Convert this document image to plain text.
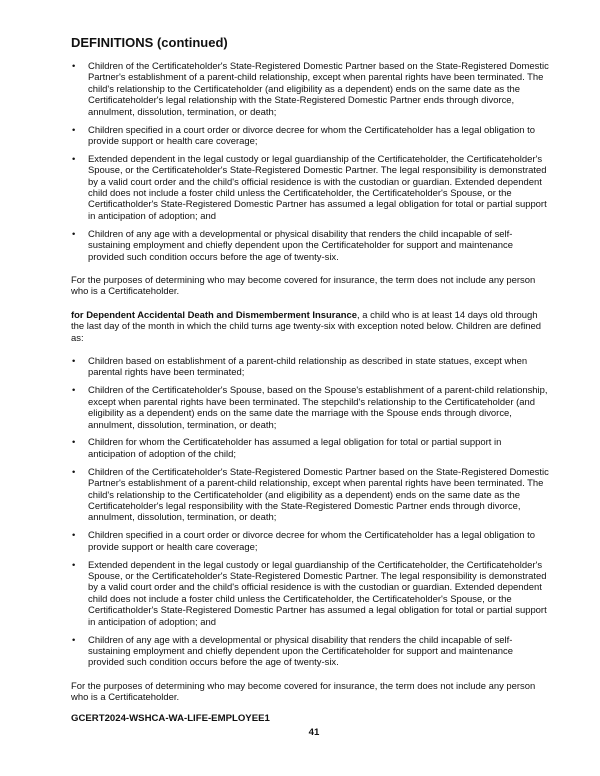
DEFINITIONS (continued)
• Children of the Certificateholder's State-Registered Domestic Partner based on the State-Registered Domestic Partner's establishment of a parent-child relationship, except when parental rights have been terminated. The child's relationship to the Certificateholder (and eligibility as a dependent) ends on the same date as the Certificateholder's legal relationship with the State-Registered Domestic Partner ends through divorce, annulment, dissolution, termination, or death;
• Children specified in a court order or divorce decree for whom the Certificateholder has a legal obligation to provide support or health care coverage;
• Extended dependent in the legal custody or legal guardianship of the Certificateholder, the Certificateholder's Spouse, or the Certificateholder's State-Registered Domestic Partner. The legal responsibility is demonstrated by a valid court order and the child's official residence is with the custodian or guardian. Extended dependent child does not include a foster child unless the Certificateholder, the Certificateholder's Spouse, or the Certificatholder's State-Registered Domestic Partner has assumed a legal obligation for total or partial support in anticipation of adoption; and
• Children of any age with a developmental or physical disability that renders the child incapable of self-sustaining employment and chiefly dependent upon the Certificateholder for support and maintenance provided such condition occurs before the age of twenty-six.

For the purposes of determining who may become covered for insurance, the term does not include any person who is a Certificateholder.

for Dependent Accidental Death and Dismemberment Insurance, a child who is at least 14 days old through the last day of the month in which the child turns age twenty-six with exception noted below. Children are defined as:

• Children based on establishment of a parent-child relationship as described in state statues, except when parental rights have been terminated;
• Children of the Certificateholder's Spouse, based on the Spouse's establishment of a parent-child relationship, except when parental rights have been terminated. The stepchild's relationship to the Certificateholder (and eligibility as a dependent) ends on the same date the marriage with the Spouse ends through divorce, annulment, dissolution, termination, or death;
• Children for whom the Certificateholder has assumed a legal obligation for total or partial support in anticipation of adoption of the child;
• Children of the Certificateholder's State-Registered Domestic Partner based on the State-Registered Domestic Partner's establishment of a parent-child relationship, except when parental rights have been terminated. The child's relationship to the Certificateholder (and eligibility as a dependent) ends on the same date as the Certificateholder's legal responsibility with the State-Registered Domestic Partner ends through divorce, annulment, dissolution, termination, or death;
• Children specified in a court order or divorce decree for whom the Certificateholder has a legal obligation to provide support or health care coverage;
• Extended dependent in the legal custody or legal guardianship of the Certificateholder, the Certificateholder's Spouse, or the Certificateholder's State-Registered Domestic Partner. The legal responsibility is demonstrated by a valid court order and the child's official residence is with the custodian or guardian. Extended dependent child does not include a foster child unless the Certificateholder, the Certificateholder's Spouse, or the Certificatholder's State-Registered Domestic Partner has assumed a legal obligation for total or partial support in anticipation of adoption; and
• Children of any age with a developmental or physical disability that renders the child incapable of self-sustaining employment and chiefly dependent upon the Certificateholder for support and maintenance provided such condition occurs before the age of twenty-six.

For the purposes of determining who may become covered for insurance, the term does not include any person who is a Certificateholder.

GCERT2024-WSHCA-WA-LIFE-EMPLOYEE1
41
